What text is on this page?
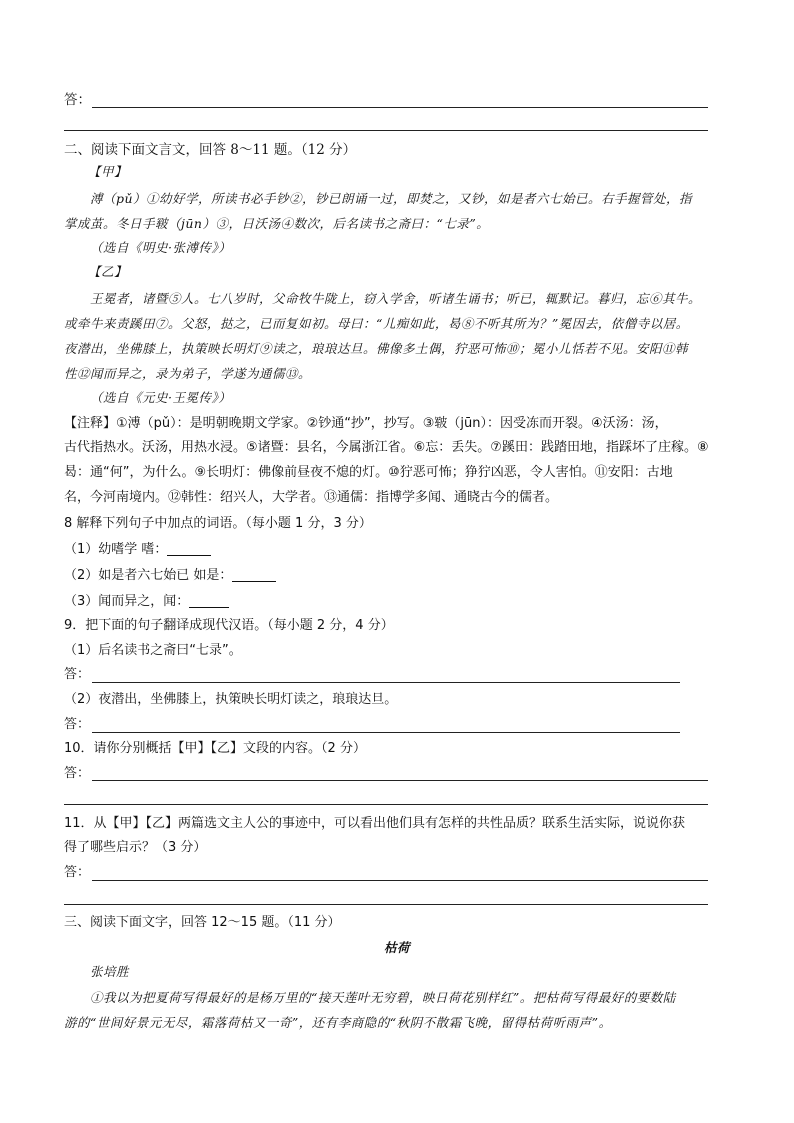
答：
二、阅读下面文言文，回答 8～11 题。（12 分）
【甲】
溥（pǔ）①幼好学，所读书必手钞②，钞已朗诵一过，即焚之，又钞，如是者六七始已。右手握管处，指
掌成茧。冬日手皲（jūn）③，日沃汤④数次，后名读书之斋曰：“七录”。
（选自《明史·张溥传》）
【乙】
王冕者，诸暨⑤人。七八岁时，父命牧牛陇上，窃入学舍，听诸生诵书；听已，辄默记。暮归，忘⑥其牛。
或牵牛来责蹊田⑦。父怒，挞之，已而复如初。母曰：“儿痴如此，曷⑧不听其所为？”冕因去，依僧寺以居。
夜潜出，坐佛膝上，执策映长明灯⑨读之，琅琅达旦。佛像多土偶，狞恶可怖⑩；冕小儿恬若不见。安阳⑪韩
性⑫闻而异之，录为弟子，学遂为通儒⑬。
（选自《元史·王冕传》）
【注释】①溥（pǔ）：是明朝晚期文学家。②钞通“抄”，抄写。③皲（jūn）：因受冻而开裂。④沃汤：汤，
古代指热水。沃汤，用热水浸。⑤诸暨：县名，今属浙江省。⑥忘：丢失。⑦蹊田：践踏田地，指踩坏了庄稼。⑧
曷：通“何”，为什么。⑨长明灯：佛像前昼夜不熄的灯。⑩狞恶可怖；狰狞凶恶，令人害怕。⑪安阳：古地
名，今河南境内。⑫韩性：绍兴人，大学者。⑬通儒：指博学多闻、通晓古今的儒者。
8 解释下列句子中加点的词语。（每小题 1 分，3 分）
（1）幼嗜学 嗜：
（2）如是者六七始已 如是：
（3）闻而异之，闻：
9．把下面的句子翻译成现代汉语。（每小题 2 分，4 分）
（1）后名读书之斋曰“七录”。
答：
（2）夜潜出，坐佛膝上，执策映长明灯读之，琅琅达旦。
答：
10．请你分别概括【甲】【乙】文段的内容。（2 分）
答：
11．从【甲】【乙】两篇选文主人公的事迹中，可以看出他们具有怎样的共性品质？联系生活实际，说说你获
得了哪些启示？（3 分）
答：
三、阅读下面文字，回答 12～15 题。（11 分）
枯荷
张培胜
①我以为把夏荷写得最好的是杨万里的“接天莲叶无穷碧，映日荷花别样红”。把枯荷写得最好的要数陆
游的“世间好景元无尽，霜落荷枯又一奇”，还有李商隐的“秋阴不散霜飞晚，留得枯荷听雨声”。
